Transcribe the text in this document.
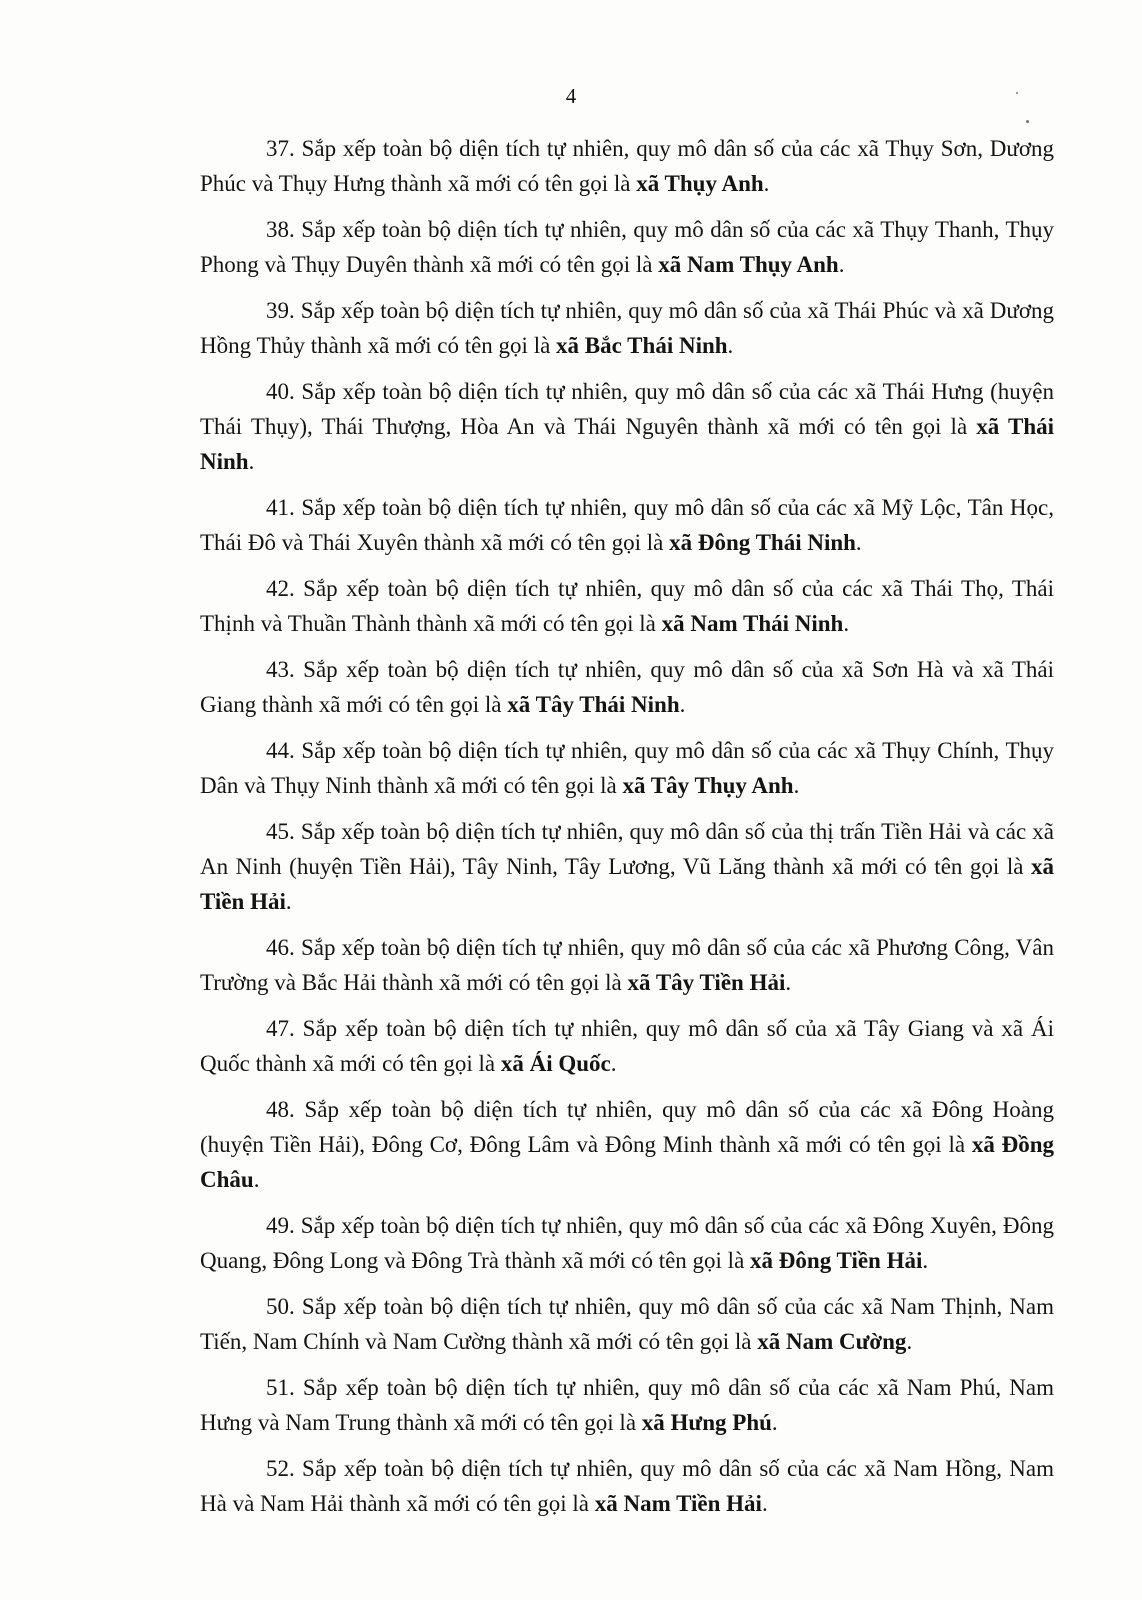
4

37. Sắp xếp toàn bộ diện tích tự nhiên, quy mô dân số của các xã Thụy Sơn, Dương Phúc và Thụy Hưng thành xã mới có tên gọi là xã Thụy Anh.

38. Sắp xếp toàn bộ diện tích tự nhiên, quy mô dân số của các xã Thụy Thanh, Thụy Phong và Thụy Duyên thành xã mới có tên gọi là xã Nam Thụy Anh.

39. Sắp xếp toàn bộ diện tích tự nhiên, quy mô dân số của xã Thái Phúc và xã Dương Hồng Thủy thành xã mới có tên gọi là xã Bắc Thái Ninh.

40. Sắp xếp toàn bộ diện tích tự nhiên, quy mô dân số của các xã Thái Hưng (huyện Thái Thụy), Thái Thượng, Hòa An và Thái Nguyên thành xã mới có tên gọi là xã Thái Ninh.

41. Sắp xếp toàn bộ diện tích tự nhiên, quy mô dân số của các xã Mỹ Lộc, Tân Học, Thái Đô và Thái Xuyên thành xã mới có tên gọi là xã Đông Thái Ninh.

42. Sắp xếp toàn bộ diện tích tự nhiên, quy mô dân số của các xã Thái Thọ, Thái Thịnh và Thuần Thành thành xã mới có tên gọi là xã Nam Thái Ninh.

43. Sắp xếp toàn bộ diện tích tự nhiên, quy mô dân số của xã Sơn Hà và xã Thái Giang thành xã mới có tên gọi là xã Tây Thái Ninh.

44. Sắp xếp toàn bộ diện tích tự nhiên, quy mô dân số của các xã Thụy Chính, Thụy Dân và Thụy Ninh thành xã mới có tên gọi là xã Tây Thụy Anh.

45. Sắp xếp toàn bộ diện tích tự nhiên, quy mô dân số của thị trấn Tiền Hải và các xã An Ninh (huyện Tiền Hải), Tây Ninh, Tây Lương, Vũ Lăng thành xã mới có tên gọi là xã Tiền Hải.

46. Sắp xếp toàn bộ diện tích tự nhiên, quy mô dân số của các xã Phương Công, Vân Trường và Bắc Hải thành xã mới có tên gọi là xã Tây Tiền Hải.

47. Sắp xếp toàn bộ diện tích tự nhiên, quy mô dân số của xã Tây Giang và xã Ái Quốc thành xã mới có tên gọi là xã Ái Quốc.

48. Sắp xếp toàn bộ diện tích tự nhiên, quy mô dân số của các xã Đông Hoàng (huyện Tiền Hải), Đông Cơ, Đông Lâm và Đông Minh thành xã mới có tên gọi là xã Đồng Châu.

49. Sắp xếp toàn bộ diện tích tự nhiên, quy mô dân số của các xã Đông Xuyên, Đông Quang, Đông Long và Đông Trà thành xã mới có tên gọi là xã Đông Tiền Hải.

50. Sắp xếp toàn bộ diện tích tự nhiên, quy mô dân số của các xã Nam Thịnh, Nam Tiến, Nam Chính và Nam Cường thành xã mới có tên gọi là xã Nam Cường.

51. Sắp xếp toàn bộ diện tích tự nhiên, quy mô dân số của các xã Nam Phú, Nam Hưng và Nam Trung thành xã mới có tên gọi là xã Hưng Phú.

52. Sắp xếp toàn bộ diện tích tự nhiên, quy mô dân số của các xã Nam Hồng, Nam Hà và Nam Hải thành xã mới có tên gọi là xã Nam Tiền Hải.
